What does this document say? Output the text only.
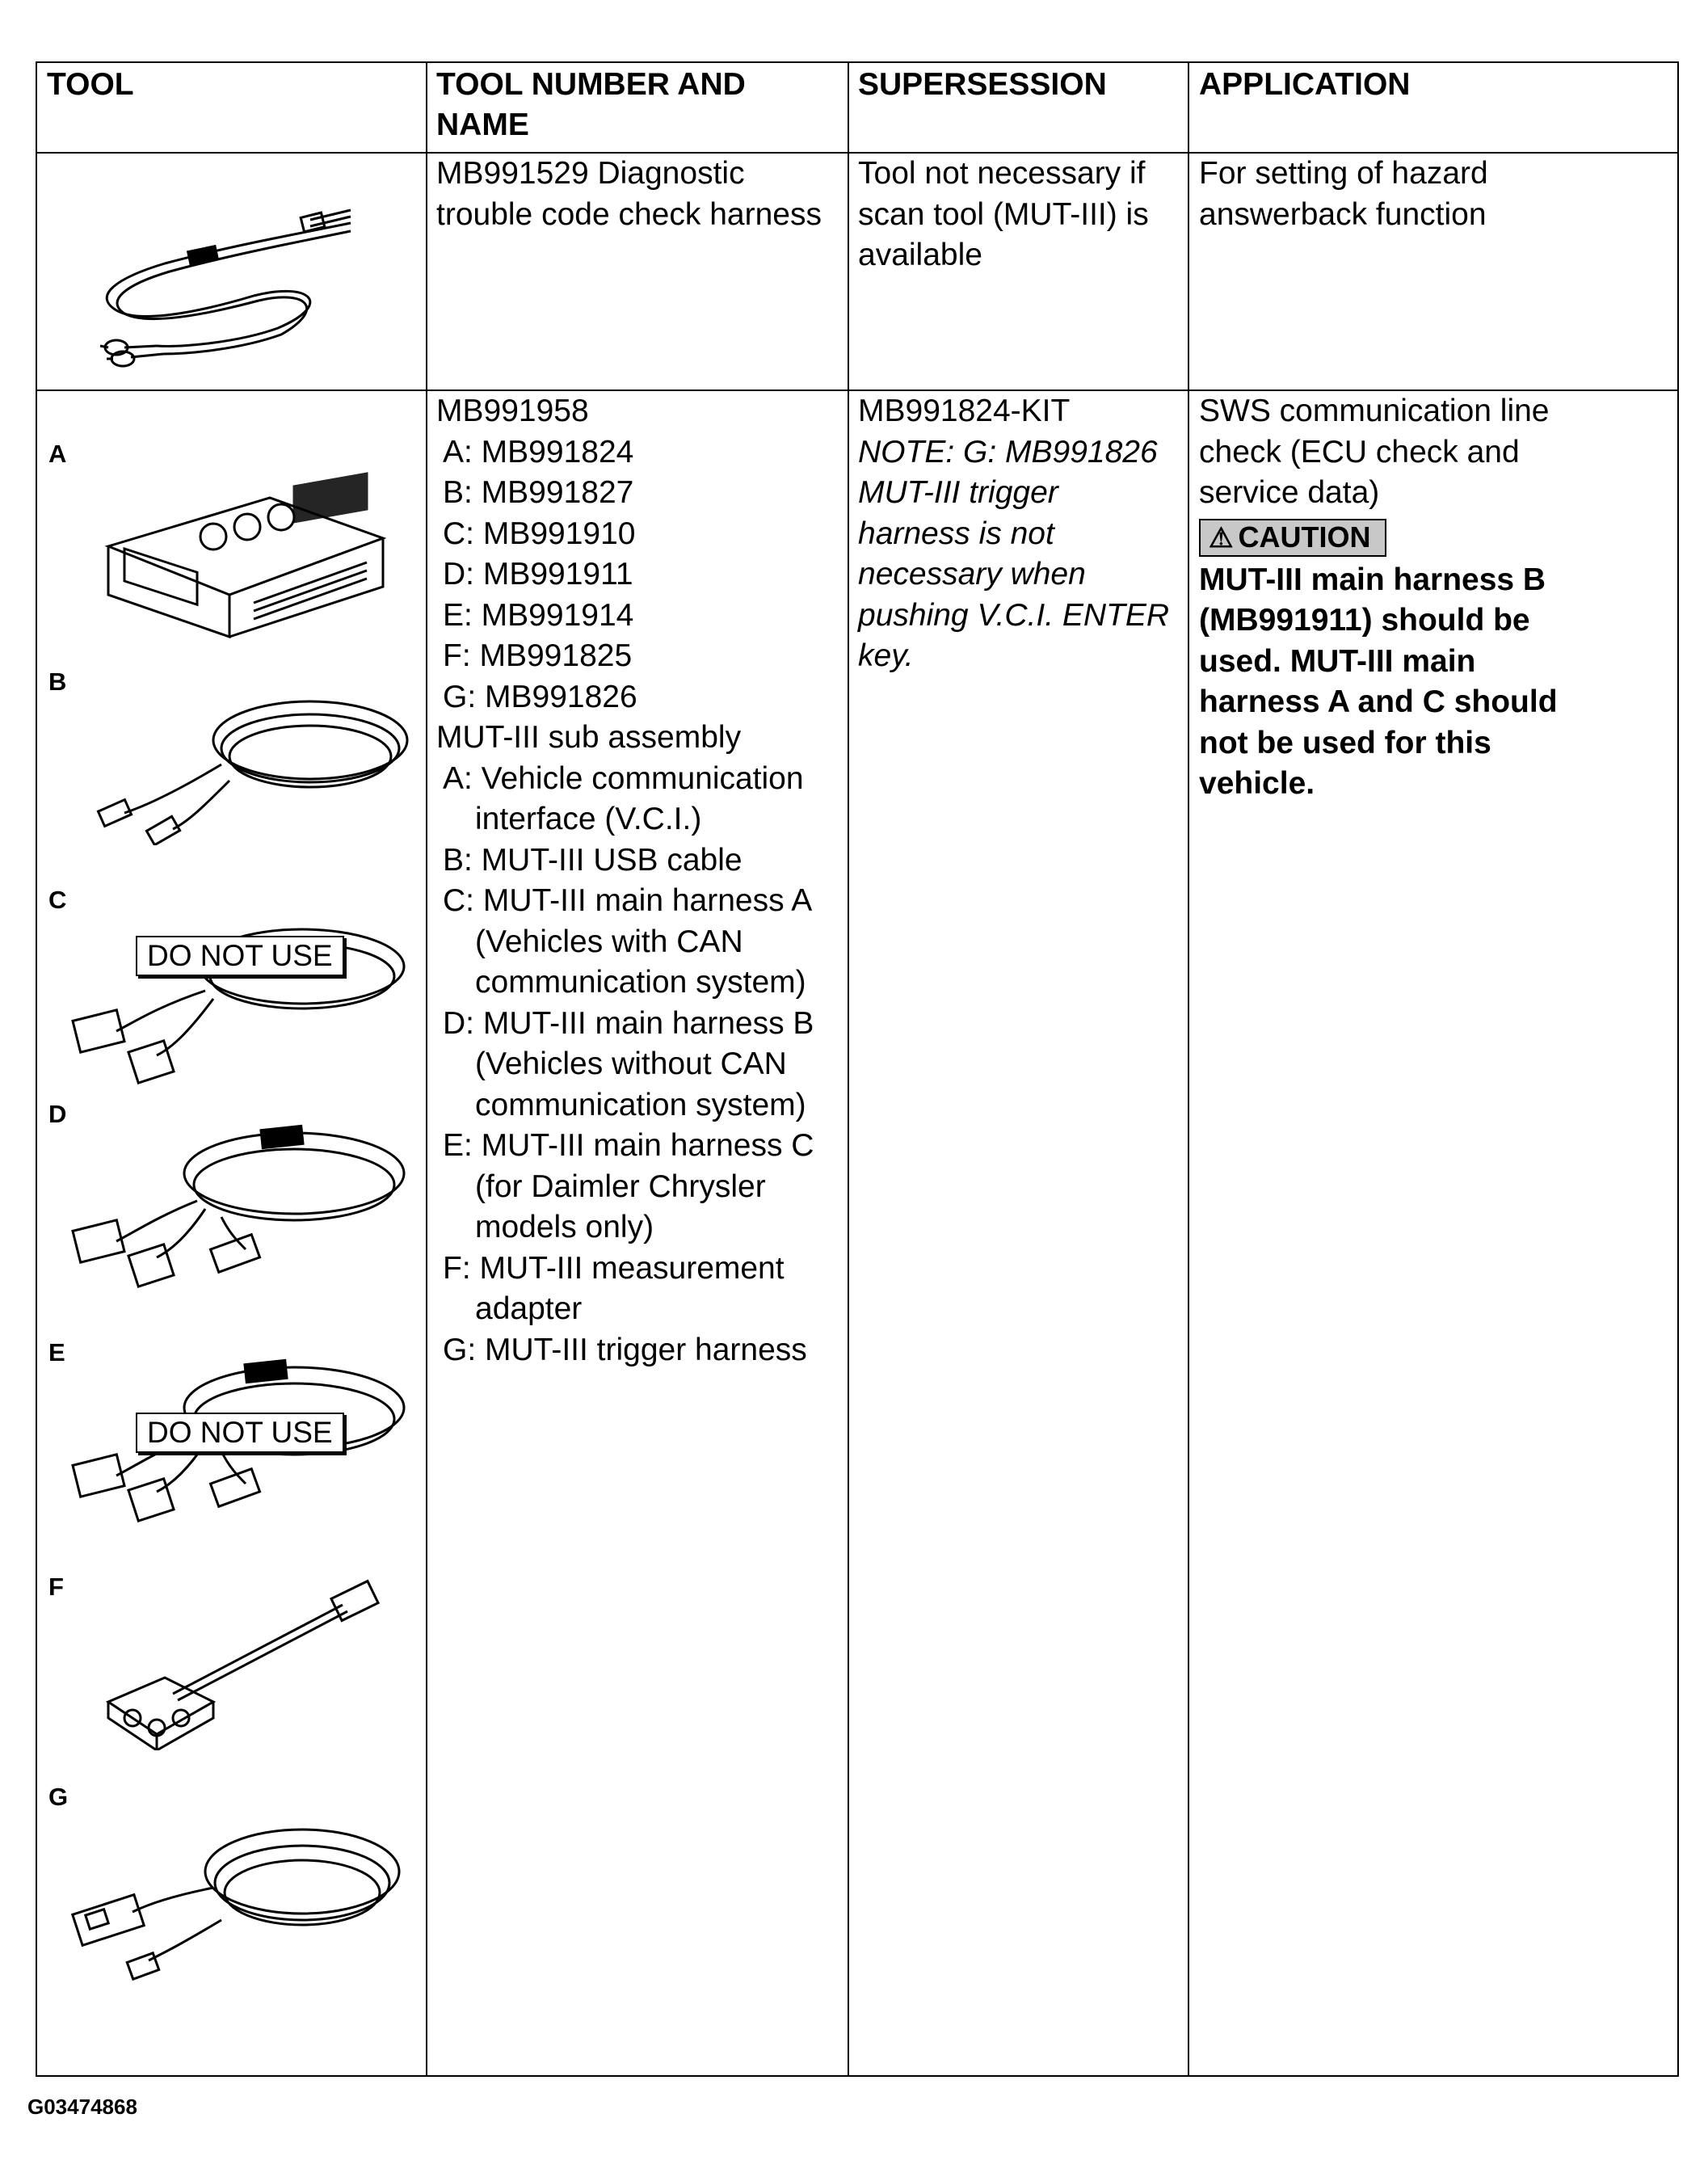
TOOL	TOOL NUMBER AND NAME
SUPERSESSION	APPLICATION
MB991529 Diagnostic
trouble code check harness
Tool not necessary if
scan tool (MUT-III) is
available
For setting of hazard
answerback function
A
B
C
DO NOT USE
D
E
DO NOT USE
F
G
MB991958
A: MB991824
B: MB991827
C: MB991910
D: MB991911
E: MB991914
F: MB991825
G: MB991826
MUT-III sub assembly
A: Vehicle communication
interface (V.C.I.)
B: MUT-III USB cable
C: MUT-III main harness A
(Vehicles with CAN
communication system)
D: MUT-III main harness B
(Vehicles without CAN
communication system)
E: MUT-III main harness C
(for Daimler Chrysler
models only)
F: MUT-III measurement
adapter
G: MUT-III trigger harness
MB991824-KIT
NOTE: G: MB991826
MUT-III trigger
harness is not
necessary when
pushing V.C.I. ENTER
key.
SWS communication line
check (ECU check and
service data)
⚠ CAUTION
MUT-III main harness B
(MB991911) should be
used. MUT-III main
harness A and C should
not be used for this
vehicle.
G03474868
